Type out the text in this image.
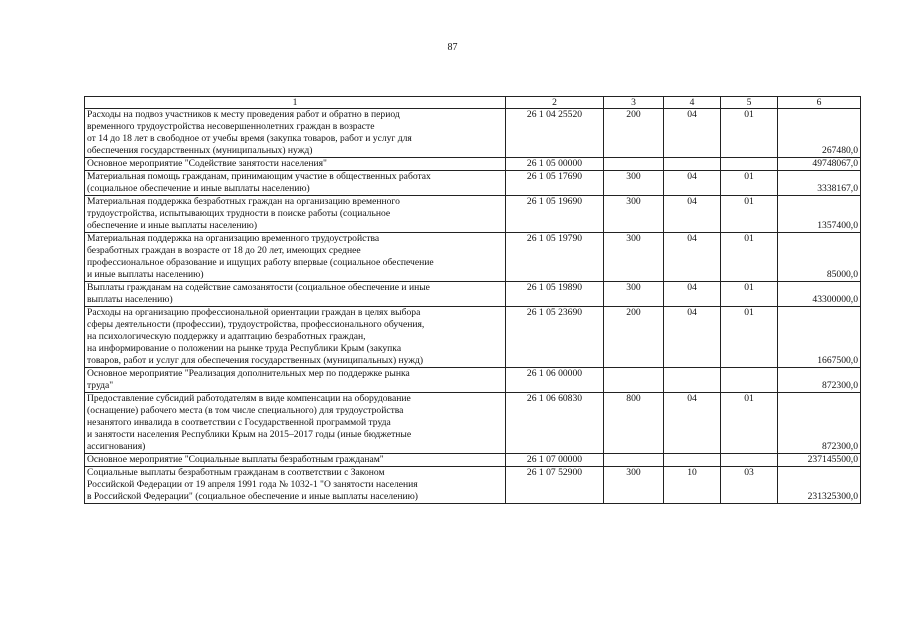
87
1	2	3	4	5	6
Расходы на подвоз участников к месту проведения работ и обратно в период
временного трудоустройства несовершеннолетних граждан в возрасте
от 14 до 18 лет в свободное от учебы время (закупка товаров, работ и услуг для
обеспечения государственных (муниципальных) нужд)	26 1 04 25520	200	04	01	267480,0
Основное мероприятие "Содействие занятости населения"	26 1 05 00000				49748067,0
Материальная помощь гражданам, принимающим участие в общественных работах
(социальное обеспечение и иные выплаты населению)	26 1 05 17690	300	04	01	3338167,0
Материальная поддержка безработных граждан на организацию временного
трудоустройства, испытывающих трудности в поиске работы (социальное
обеспечение и иные выплаты населению)	26 1 05 19690	300	04	01	1357400,0
Материальная поддержка на организацию временного трудоустройства
безработных граждан в возрасте от 18 до 20 лет, имеющих среднее
профессиональное образование и ищущих работу впервые (социальное обеспечение
и иные выплаты населению)	26 1 05 19790	300	04	01	85000,0
Выплаты гражданам на содействие самозанятости (социальное обеспечение и иные
выплаты населению)	26 1 05 19890	300	04	01	43300000,0
Расходы на организацию профессиональной ориентации граждан в целях выбора
сферы деятельности (профессии), трудоустройства, профессионального обучения,
на психологическую поддержку и адаптацию безработных граждан,
на информирование о положении на рынке труда Республики Крым (закупка
товаров, работ и услуг для обеспечения государственных (муниципальных) нужд)	26 1 05 23690	200	04	01	1667500,0
Основное мероприятие "Реализация дополнительных мер по поддержке рынка
труда"	26 1 06 00000				872300,0
Предоставление субсидий работодателям в виде компенсации на оборудование
(оснащение) рабочего места (в том числе специального) для трудоустройства
незанятого инвалида в соответствии с Государственной программой труда
и занятости населения Республики Крым на 2015–2017 годы (иные бюджетные
ассигнования)	26 1 06 60830	800	04	01	872300,0
Основное мероприятие "Социальные выплаты безработным гражданам"	26 1 07 00000				237145500,0
Социальные выплаты безработным гражданам в соответствии с Законом
Российской Федерации от 19 апреля 1991 года № 1032-1 "О занятости населения
в Российской Федерации" (социальное обеспечение и иные выплаты населению)	26 1 07 52900	300	10	03	231325300,0
